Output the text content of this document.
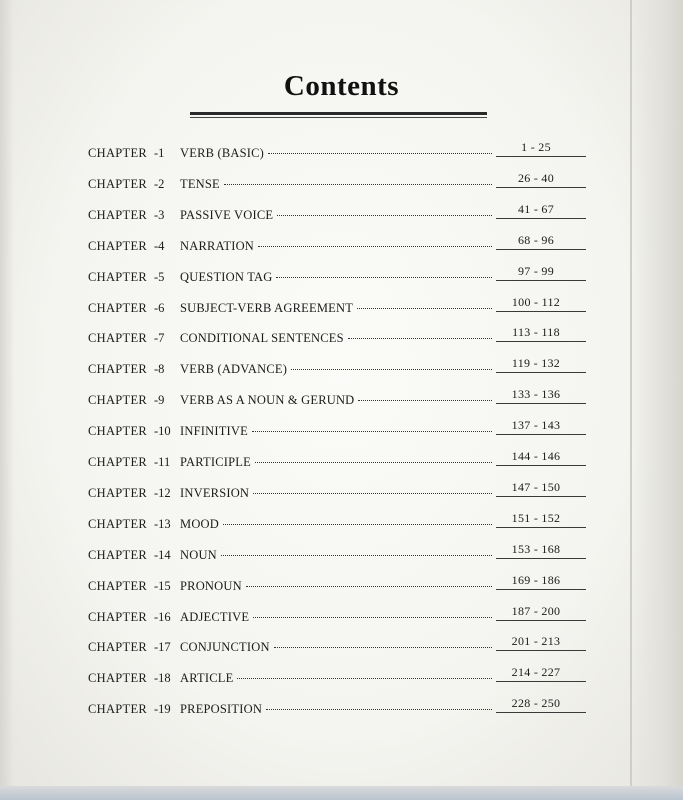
Contents
CHAPTER -1 VERB (BASIC)	1 - 25
CHAPTER -2 TENSE	26 - 40
CHAPTER -3 PASSIVE VOICE	41 - 67
CHAPTER -4 NARRATION	68 - 96
CHAPTER -5 QUESTION TAG	97 - 99
CHAPTER -6 SUBJECT-VERB AGREEMENT	100 - 112
CHAPTER -7 CONDITIONAL SENTENCES	113 - 118
CHAPTER -8 VERB (ADVANCE)	119 - 132
CHAPTER -9 VERB AS A NOUN & GERUND	133 - 136
CHAPTER -10 INFINITIVE	137 - 143
CHAPTER -11 PARTICIPLE	144 - 146
CHAPTER -12 INVERSION	147 - 150
CHAPTER -13 MOOD	151 - 152
CHAPTER -14 NOUN	153 - 168
CHAPTER -15 PRONOUN	169 - 186
CHAPTER -16 ADJECTIVE	187 - 200
CHAPTER -17 CONJUNCTION	201 - 213
CHAPTER -18 ARTICLE	214 - 227
CHAPTER -19 PREPOSITION	228 - 250
